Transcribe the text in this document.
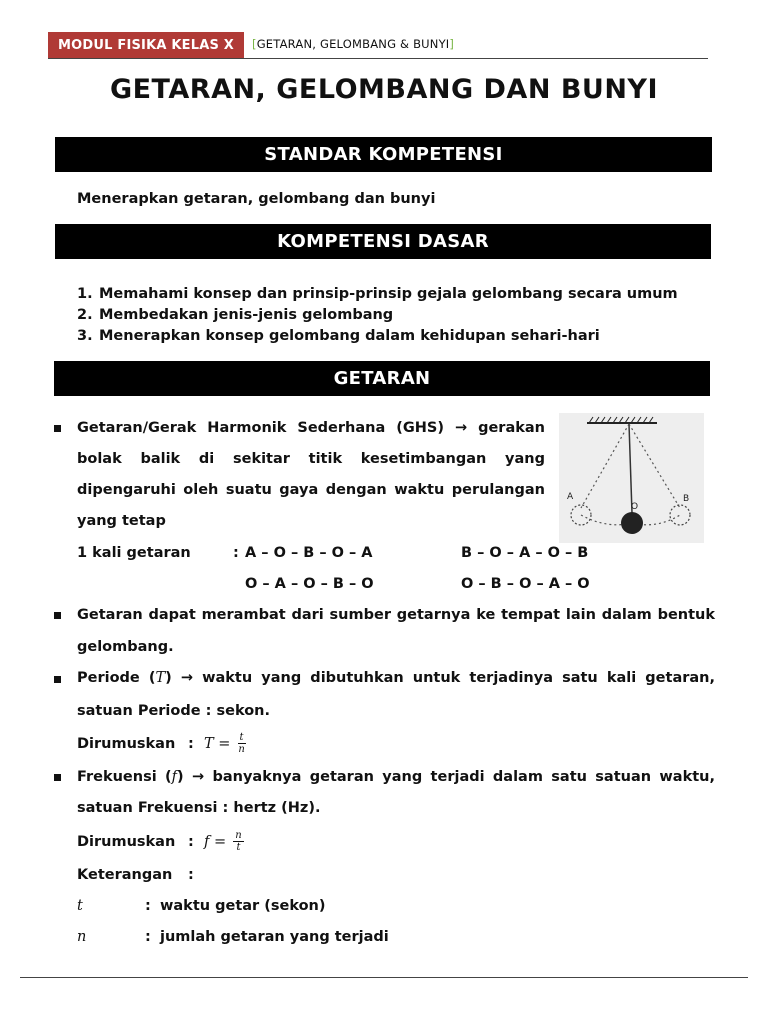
MODUL FISIKA KELAS X [GETARAN, GELOMBANG & BUNYI]
GETARAN, GELOMBANG DAN BUNYI
STANDAR KOMPETENSI
Menerapkan getaran, gelombang dan bunyi
KOMPETENSI DASAR
1. Memahami konsep dan prinsip-prinsip gejala gelombang secara umum
2. Membedakan jenis-jenis gelombang
3. Menerapkan konsep gelombang dalam kehidupan sehari-hari
GETARAN
Getaran/Gerak Harmonik Sederhana (GHS) → gerakan
bolak balik di sekitar titik kesetimbangan yang
dipengaruhi oleh suatu gaya dengan waktu perulangan
yang tetap
A
O
B
1 kali getaran	: A – O – B – O – A	B – O – A – O – B
O – A – O – B – O	O – B – O – A – O
Getaran dapat merambat dari sumber getarnya ke tempat lain dalam bentuk
gelombang.
Periode (T) → waktu yang dibutuhkan untuk terjadinya satu kali getaran,
satuan Periode : sekon.
Dirumuskan : $T = \frac{t}{n}$
Frekuensi (f) → banyaknya getaran yang terjadi dalam satu satuan waktu,
satuan Frekuensi : hertz (Hz).
Dirumuskan : $f = \frac{n}{t}$
Keterangan :
t	: waktu getar (sekon)
n	: jumlah getaran yang terjadi
